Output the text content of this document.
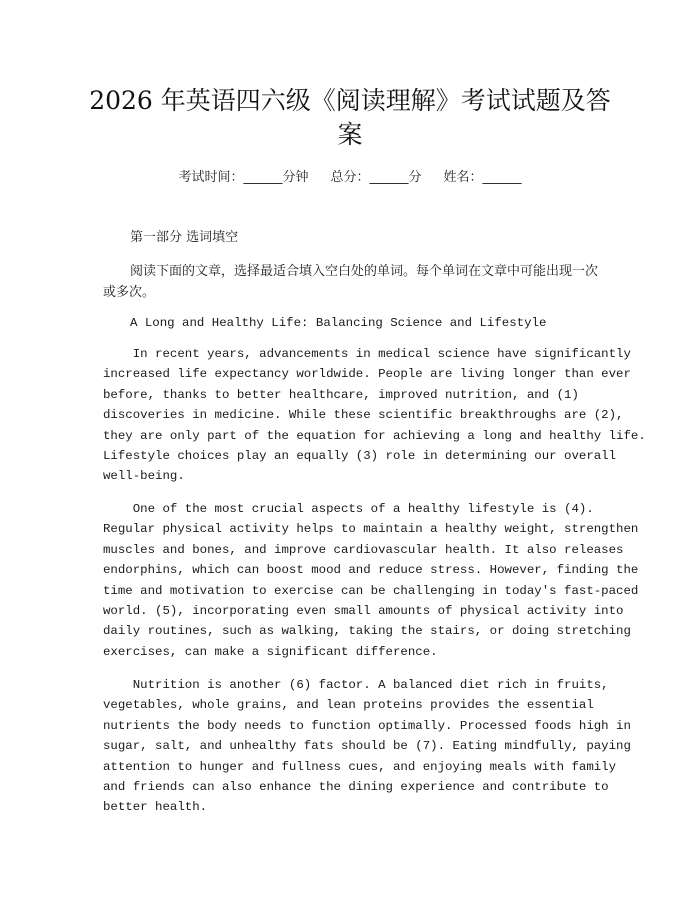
2026 年英语四六级《阅读理解》考试试题及答案
考试时间：______分钟 总分：______分 姓名：______
第一部分 选词填空
阅读下面的文章，选择最适合填入空白处的单词。每个单词在文章中可能出现一次或多次。
A Long and Healthy Life: Balancing Science and Lifestyle
In recent years, advancements in medical science have significantly
increased life expectancy worldwide. People are living longer than ever
before, thanks to better healthcare, improved nutrition, and (1)
discoveries in medicine. While these scientific breakthroughs are (2),
they are only part of the equation for achieving a long and healthy life.
Lifestyle choices play an equally (3) role in determining our overall
well-being.
One of the most crucial aspects of a healthy lifestyle is (4).
Regular physical activity helps to maintain a healthy weight, strengthen
muscles and bones, and improve cardiovascular health. It also releases
endorphins, which can boost mood and reduce stress. However, finding the
time and motivation to exercise can be challenging in today's fast-paced
world. (5), incorporating even small amounts of physical activity into
daily routines, such as walking, taking the stairs, or doing stretching
exercises, can make a significant difference.
Nutrition is another (6) factor. A balanced diet rich in fruits,
vegetables, whole grains, and lean proteins provides the essential
nutrients the body needs to function optimally. Processed foods high in
sugar, salt, and unhealthy fats should be (7). Eating mindfully, paying
attention to hunger and fullness cues, and enjoying meals with family
and friends can also enhance the dining experience and contribute to
better health.
